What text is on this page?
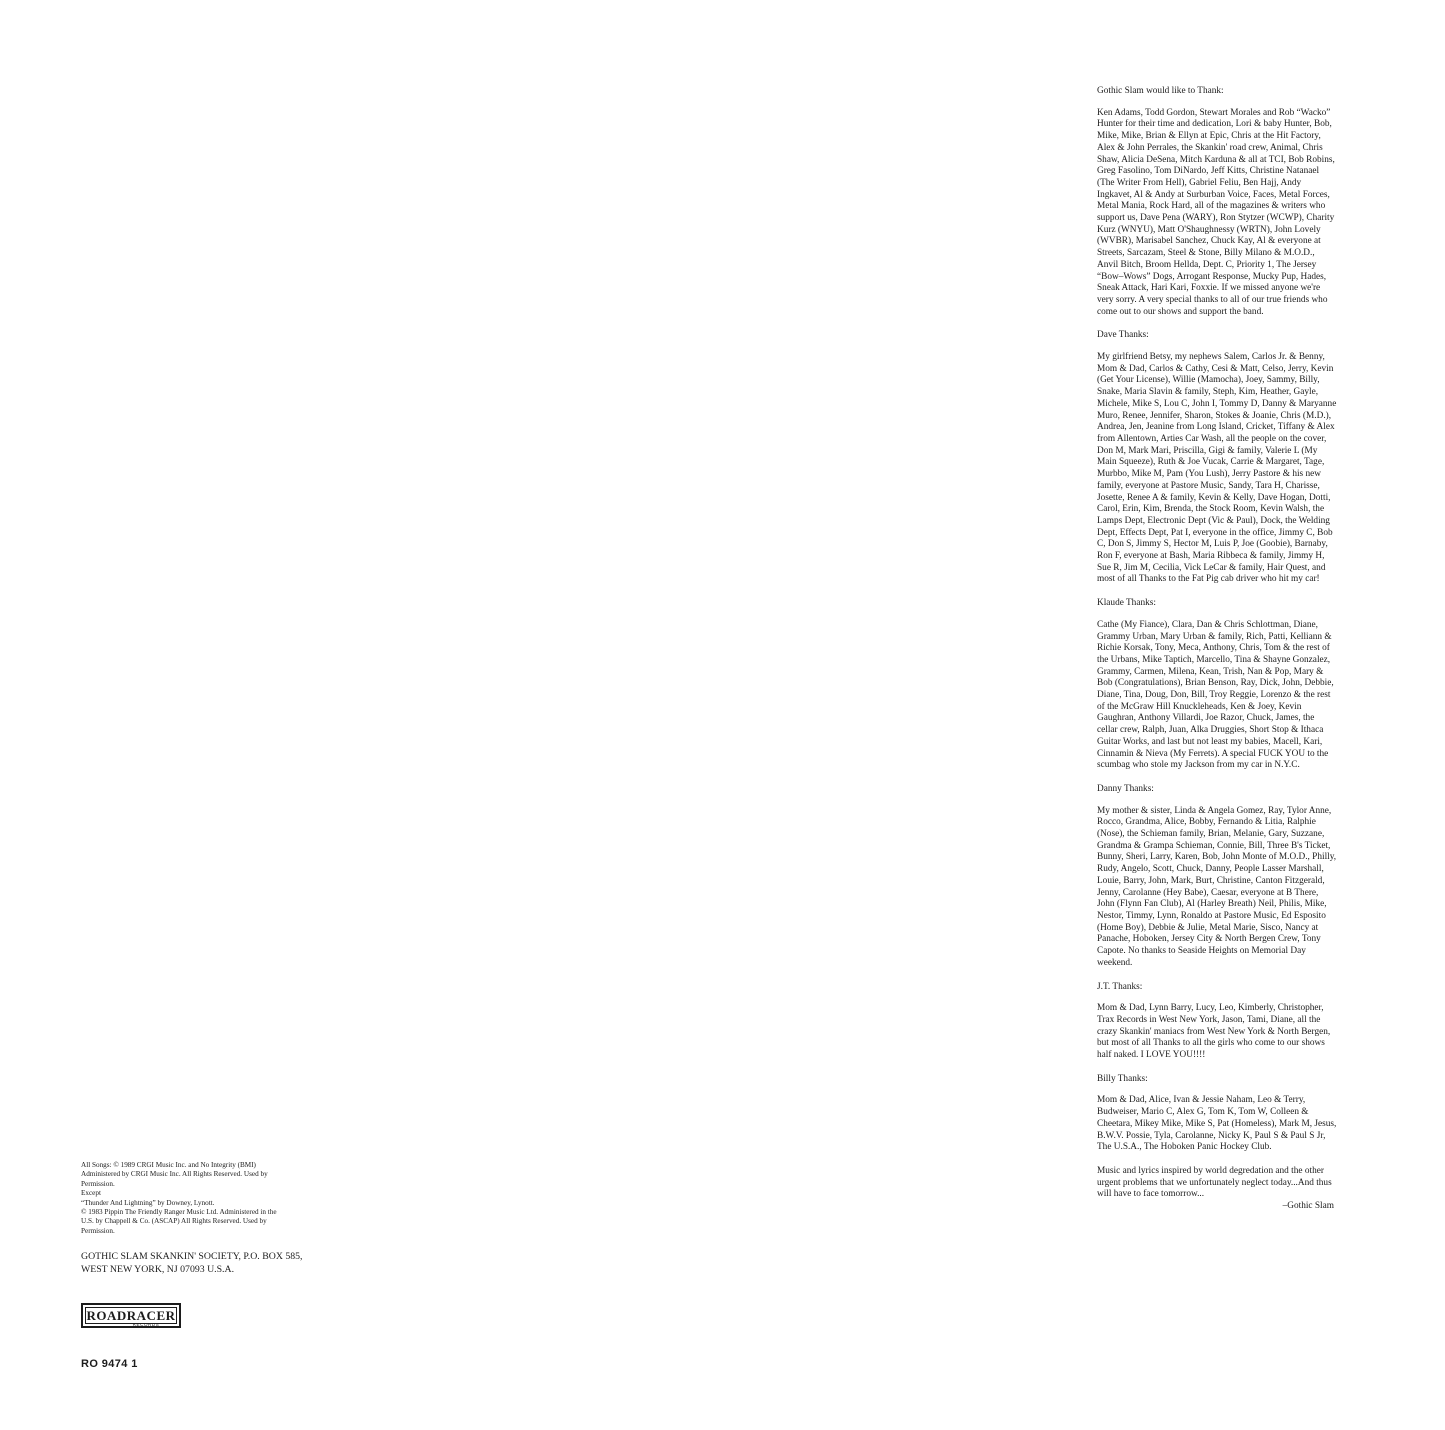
Gothic Slam would like to Thank:

Ken Adams, Todd Gordon, Stewart Morales and Rob “Wacko” Hunter for their time and dedication, Lori & baby Hunter, Bob, Mike, Mike, Brian & Ellyn at Epic, Chris at the Hit Factory, Alex & John Perrales, the Skankin' road crew, Animal, Chris Shaw, Alicia DeSena, Mitch Karduna & all at TCI, Bob Robins, Greg Fasolino, Tom DiNardo, Jeff Kitts, Christine Natanael (The Writer From Hell), Gabriel Feliu, Ben Hajj, Andy Ingkavet, Al & Andy at Surburban Voice, Faces, Metal Forces, Metal Mania, Rock Hard, all of the magazines & writers who support us, Dave Pena (WARY), Ron Stytzer (WCWP), Charity Kurz (WNYU), Matt O'Shaughnessy (WRTN), John Lovely (WVBR), Marisabel Sanchez, Chuck Kay, Al & everyone at Streets, Sarcazam, Steel & Stone, Billy Milano & M.O.D., Anvil Bitch, Broom Hellda, Dept. C, Priority 1, The Jersey “Bow–Wows” Dogs, Arrogant Response, Mucky Pup, Hades, Sneak Attack, Hari Kari, Foxxie. If we missed anyone we're very sorry. A very special thanks to all of our true friends who come out to our shows and support the band.

Dave Thanks:

My girlfriend Betsy, my nephews Salem, Carlos Jr. & Benny, Mom & Dad, Carlos & Cathy, Cesi & Matt, Celso, Jerry, Kevin (Get Your License), Willie (Mamocha), Joey, Sammy, Billy, Snake, Maria Slavin & family, Steph, Kim, Heather, Gayle, Michele, Mike S, Lou C, John I, Tommy D, Danny & Maryanne Muro, Renee, Jennifer, Sharon, Stokes & Joanie, Chris (M.D.), Andrea, Jen, Jeanine from Long Island, Cricket, Tiffany & Alex from Allentown, Arties Car Wash, all the people on the cover, Don M, Mark Mari, Priscilla, Gigi & family, Valerie L (My Main Squeeze), Ruth & Joe Vucak, Carrie & Margaret, Tage, Murbbo, Mike M, Pam (You Lush), Jerry Pastore & his new family, everyone at Pastore Music, Sandy, Tara H, Charisse, Josette, Renee A & family, Kevin & Kelly, Dave Hogan, Dotti, Carol, Erin, Kim, Brenda, the Stock Room, Kevin Walsh, the Lamps Dept, Electronic Dept (Vic & Paul), Dock, the Welding Dept, Effects Dept, Pat I, everyone in the office, Jimmy C, Bob C, Don S, Jimmy S, Hector M, Luis P, Joe (Goobie), Barnaby, Ron F, everyone at Bash, Maria Ribbeca & family, Jimmy H, Sue R, Jim M, Cecilia, Vick LeCar & family, Hair Quest, and most of all Thanks to the Fat Pig cab driver who hit my car!

Klaude Thanks:

Cathe (My Fiance), Clara, Dan & Chris Schlottman, Diane, Grammy Urban, Mary Urban & family, Rich, Patti, Kelliann & Richie Korsak, Tony, Meca, Anthony, Chris, Tom & the rest of the Urbans, Mike Taptich, Marcello, Tina & Shayne Gonzalez, Grammy, Carmen, Milena, Kean, Trish, Nan & Pop, Mary & Bob (Congratulations), Brian Benson, Ray, Dick, John, Debbie, Diane, Tina, Doug, Don, Bill, Troy Reggie, Lorenzo & the rest of the McGraw Hill Knuckleheads, Ken & Joey, Kevin Gaughran, Anthony Villardi, Joe Razor, Chuck, James, the cellar crew, Ralph, Juan, Alka Druggies, Short Stop & Ithaca Guitar Works, and last but not least my babies, Macell, Kari, Cinnamin & Nieva (My Ferrets). A special FUCK YOU to the scumbag who stole my Jackson from my car in N.Y.C.

Danny Thanks:

My mother & sister, Linda & Angela Gomez, Ray, Tylor Anne, Rocco, Grandma, Alice, Bobby, Fernando & Litia, Ralphie (Nose), the Schieman family, Brian, Melanie, Gary, Suzzane, Grandma & Grampa Schieman, Connie, Bill, Three B's Ticket, Bunny, Sheri, Larry, Karen, Bob, John Monte of M.O.D., Philly, Rudy, Angelo, Scott, Chuck, Danny, People Lasser Marshall, Louie, Barry, John, Mark, Burt, Christine, Canton Fitzgerald, Jenny, Carolanne (Hey Babe), Caesar, everyone at B There, John (Flynn Fan Club), Al (Harley Breath) Neil, Philis, Mike, Nestor, Timmy, Lynn, Ronaldo at Pastore Music, Ed Esposito (Home Boy), Debbie & Julie, Metal Marie, Sisco, Nancy at Panache, Hoboken, Jersey City & North Bergen Crew, Tony Capote. No thanks to Seaside Heights on Memorial Day weekend.

J.T. Thanks:

Mom & Dad, Lynn Barry, Lucy, Leo, Kimberly, Christopher, Trax Records in West New York, Jason, Tami, Diane, all the crazy Skankin' maniacs from West New York & North Bergen, but most of all Thanks to all the girls who come to our shows half naked. I LOVE YOU!!!!

Billy Thanks:

Mom & Dad, Alice, Ivan & Jessie Naham, Leo & Terry, Budweiser, Mario C, Alex G, Tom K, Tom W, Colleen & Cheetara, Mikey Mike, Mike S, Pat (Homeless), Mark M, Jesus, B.W.V. Possie, Tyla, Carolanne, Nicky K, Paul S & Paul S Jr, The U.S.A., The Hoboken Panic Hockey Club.

Music and lyrics inspired by world degredation and the other urgent problems that we unfortunately neglect today...And thus will have to face tomorrow...

–Gothic Slam

All Songs: © 1989 CRGI Music Inc. and No Integrity (BMI) Administered by CRGI Music Inc. All Rights Reserved. Used by Permission.

Except

“Thunder And Lightning” by Downey, Lynott.

© 1983 Pippin The Friendly Ranger Music Ltd. Administered in the U.S. by Chappell & Co. (ASCAP) All Rights Reserved. Used by Permission.

GOTHIC SLAM SKANKIN' SOCIETY, P.O. BOX 585,

WEST NEW YORK, NJ 07093 U.S.A.

ROADRACER
RECORDS
RO 9474 1
